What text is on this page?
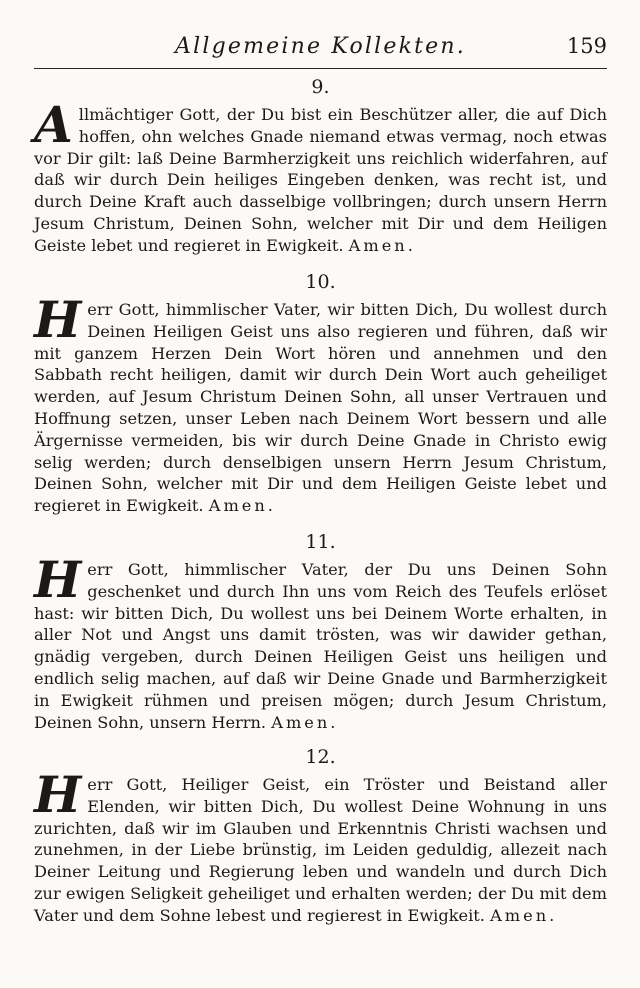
Allgemeine Kollekten.	159
9.
Allmächtiger Gott, der Du bist ein Beschützer aller, die auf Dich hoffen, ohn welches Gnade niemand etwas vermag, noch etwas vor Dir gilt: laß Deine Barmherzigkeit uns reichlich widerfahren, auf daß wir durch Dein heiliges Eingeben denken, was recht ist, und durch Deine Kraft auch dasselbige vollbringen; durch unsern Herrn Jesum Christum, Deinen Sohn, welcher mit Dir und dem Heiligen Geiste lebet und regieret in Ewigkeit. Amen.
10.
Herr Gott, himmlischer Vater, wir bitten Dich, Du wollest durch Deinen Heiligen Geist uns also regieren und führen, daß wir mit ganzem Herzen Dein Wort hören und annehmen und den Sabbath recht heiligen, damit wir durch Dein Wort auch geheiliget werden, auf Jesum Christum Deinen Sohn, all unser Vertrauen und Hoffnung setzen, unser Leben nach Deinem Wort bessern und alle Ärgernisse vermeiden, bis wir durch Deine Gnade in Christo ewig selig werden; durch denselbigen unsern Herrn Jesum Christum, Deinen Sohn, welcher mit Dir und dem Heiligen Geiste lebet und regieret in Ewigkeit. Amen.
11.
Herr Gott, himmlischer Vater, der Du uns Deinen Sohn geschenket und durch Ihn uns vom Reich des Teufels erlöset hast: wir bitten Dich, Du wollest uns bei Deinem Worte erhalten, in aller Not und Angst uns damit trösten, was wir dawider gethan, gnädig vergeben, durch Deinen Heiligen Geist uns heiligen und endlich selig machen, auf daß wir Deine Gnade und Barmherzigkeit in Ewigkeit rühmen und preisen mögen; durch Jesum Christum, Deinen Sohn, unsern Herrn. Amen.
12.
Herr Gott, Heiliger Geist, ein Tröster und Beistand aller Elenden, wir bitten Dich, Du wollest Deine Wohnung in uns zurichten, daß wir im Glauben und Erkenntnis Christi wachsen und zunehmen, in der Liebe brünstig, im Leiden geduldig, allezeit nach Deiner Leitung und Regierung leben und wandeln und durch Dich zur ewigen Seligkeit geheiliget und erhalten werden; der Du mit dem Vater und dem Sohne lebest und regierest in Ewigkeit. Amen.
